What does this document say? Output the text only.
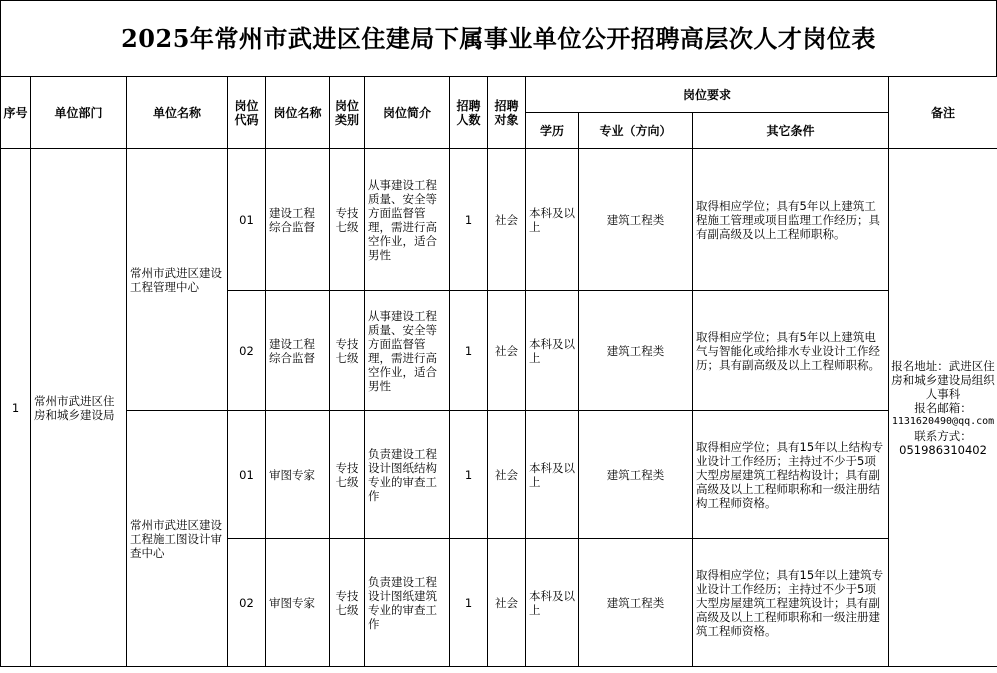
2025年常州市武进区住建局下属事业单位公开招聘高层次人才岗位表
序号	单位部门	单位名称	岗位代码	岗位名称	岗位类别	岗位简介	招聘人数	招聘对象	岗位要求			备注
									学历	专业（方向）	其它条件	
1	常州市武进区住房和城乡建设局	常州市武进区建设工程管理中心	01	建设工程综合监督	专技七级	从事建设工程质量、安全等方面监督管理，需进行高空作业，适合男性	1	社会	本科及以上	建筑工程类	取得相应学位；具有5年以上建筑工程施工管理或项目监理工作经历；具有副高级及以上工程师职称。	报名地址：武进区住房和城乡建设局组织人事科
报名邮箱：
1131620490@qq.com
联系方式：
051986310402

			02	建设工程综合监督	专技七级	从事建设工程质量、安全等方面监督管理，需进行高空作业，适合男性	1	社会	本科及以上	建筑工程类	取得相应学位；具有5年以上建筑电气与智能化或给排水专业设计工作经历；具有副高级及以上工程师职称。	
		常州市武进区建设工程施工图设计审查中心	01	审图专家	专技七级	负责建设工程设计图纸结构专业的审查工作	1	社会	本科及以上	建筑工程类	取得相应学位；具有15年以上结构专业设计工作经历；主持过不少于5项大型房屋建筑工程结构设计；具有副高级及以上工程师职称和一级注册结构工程师资格。	
			02	审图专家	专技七级	负责建设工程设计图纸建筑专业的审查工作	1	社会	本科及以上	建筑工程类	取得相应学位；具有15年以上建筑专业设计工作经历；主持过不少于5项大型房屋建筑工程建筑设计；具有副高级及以上工程师职称和一级注册建筑工程师资格。	
